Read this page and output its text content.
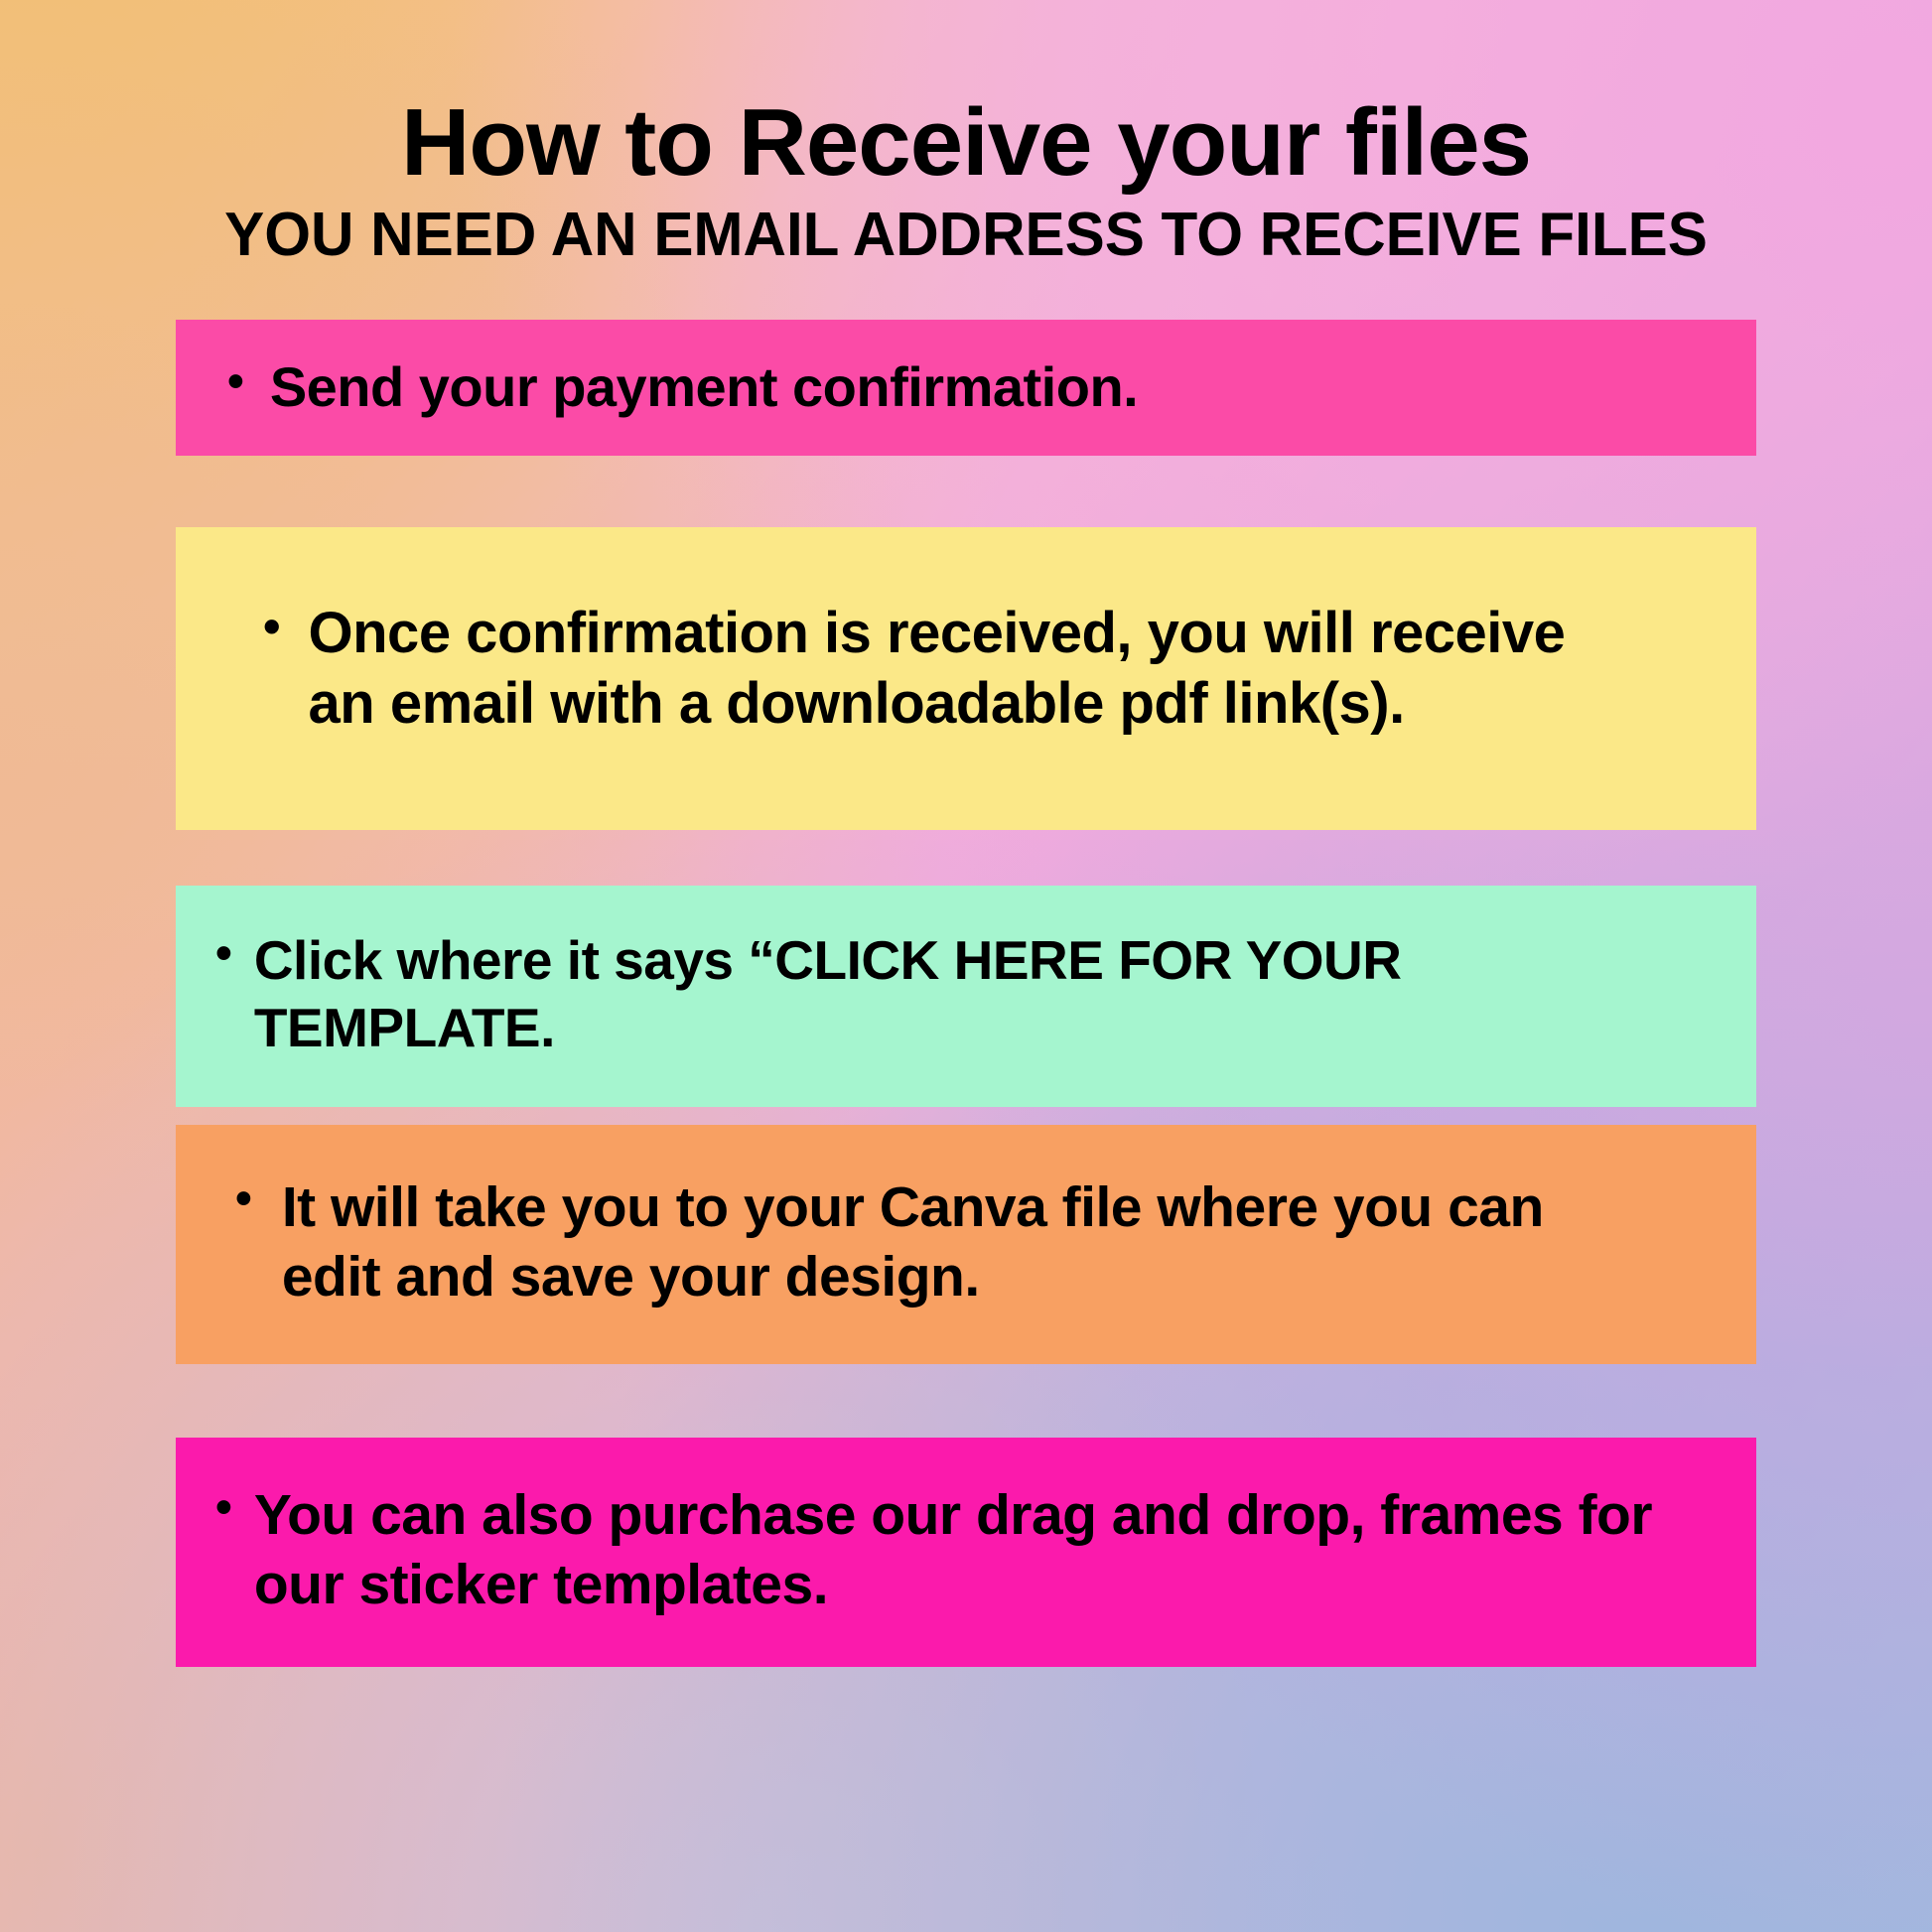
How to Receive your files
YOU NEED AN EMAIL ADDRESS TO RECEIVE FILES
• Send your payment confirmation.
• Once confirmation is received, you will receive an email with a downloadable pdf link(s).
• Click where it says “CLICK HERE FOR YOUR TEMPLATE.
• It will take you to your Canva file where you can edit and save your design.
• You can also purchase our drag and drop, frames for our sticker templates.
